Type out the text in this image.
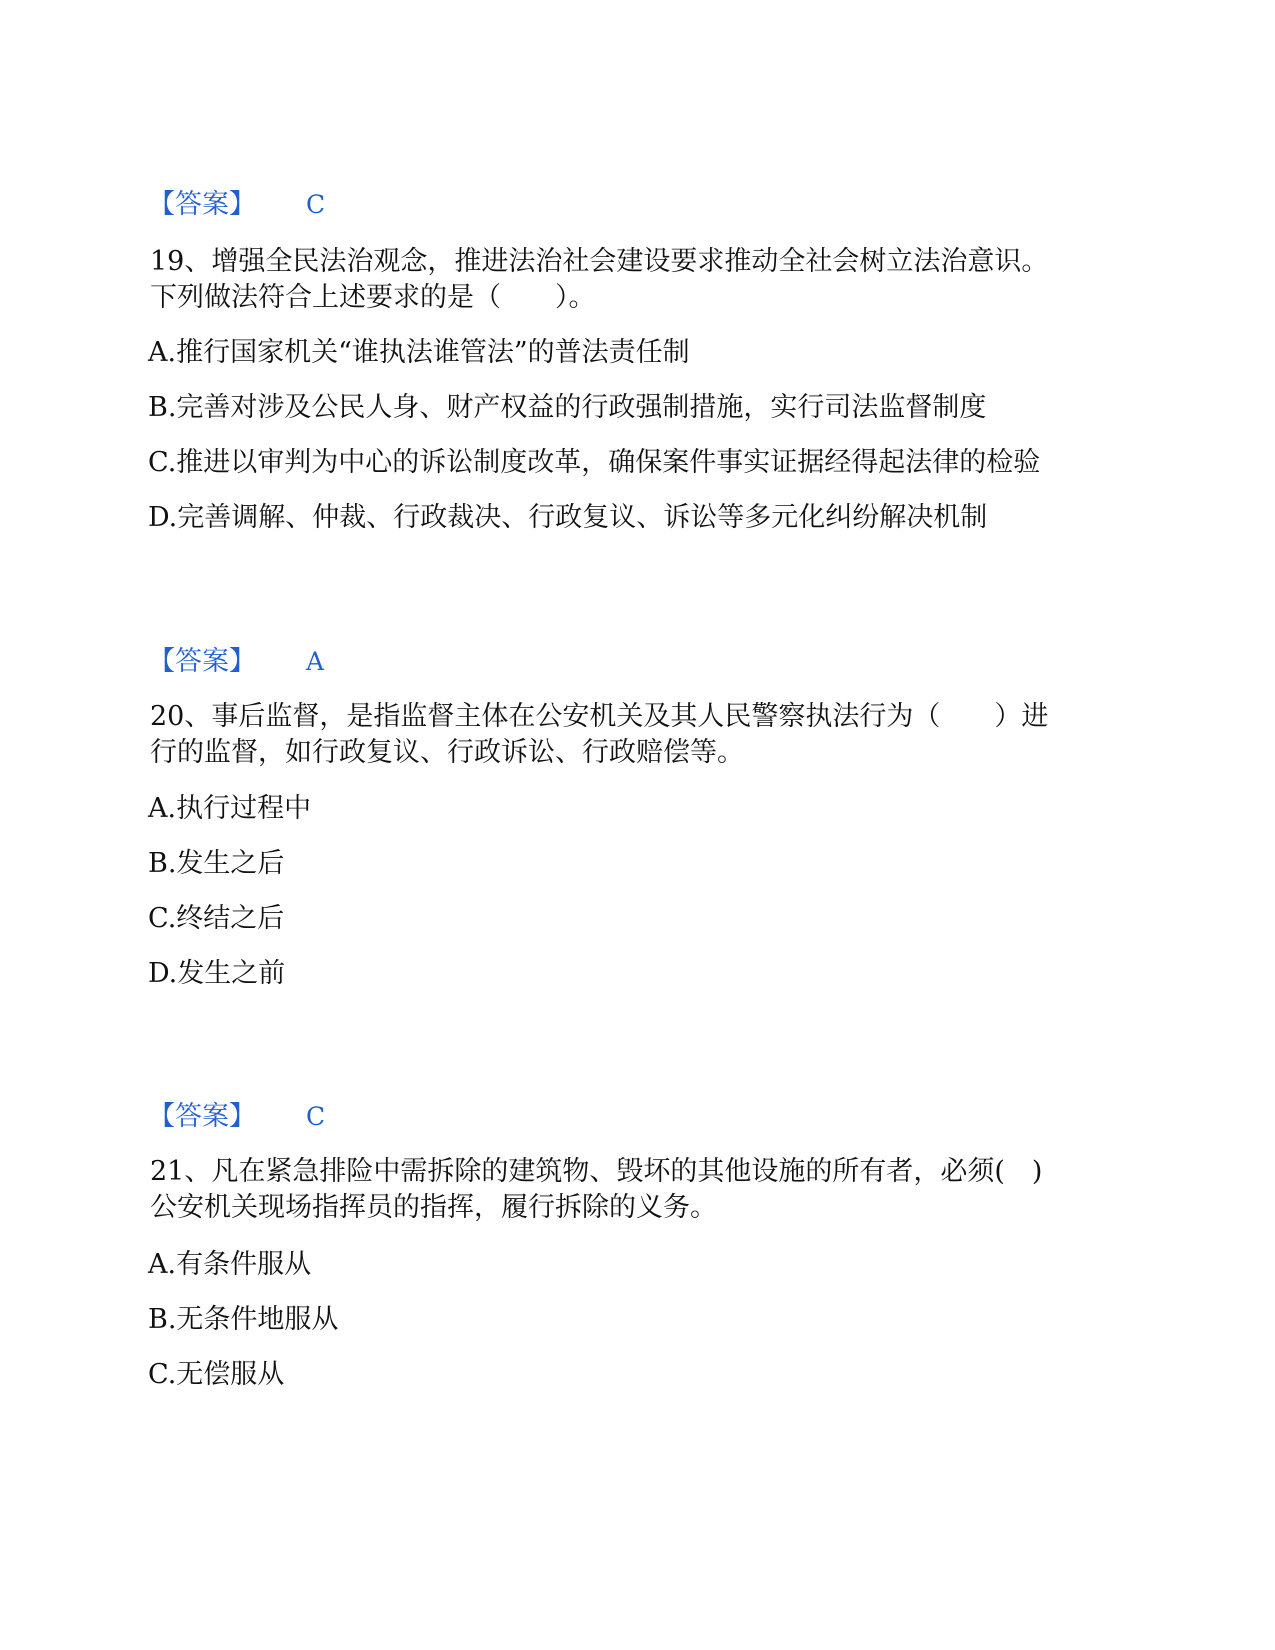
【答案】 C
19、增强全民法治观念，推进法治社会建设要求推动全社会树立法治意识。
下列做法符合上述要求的是（　　）。
A.推行国家机关“谁执法谁管法”的普法责任制
B.完善对涉及公民人身、财产权益的行政强制措施，实行司法监督制度
C.推进以审判为中心的诉讼制度改革，确保案件事实证据经得起法律的检验
D.完善调解、仲裁、行政裁决、行政复议、诉讼等多元化纠纷解决机制
【答案】 A
20、事后监督，是指监督主体在公安机关及其人民警察执法行为（　　）进
行的监督，如行政复议、行政诉讼、行政赔偿等。
A.执行过程中
B.发生之后
C.终结之后
D.发生之前
【答案】 C
21、凡在紧急排险中需拆除的建筑物、毁坏的其他设施的所有者，必须(　)
公安机关现场指挥员的指挥，履行拆除的义务。
A.有条件服从
B.无条件地服从
C.无偿服从
